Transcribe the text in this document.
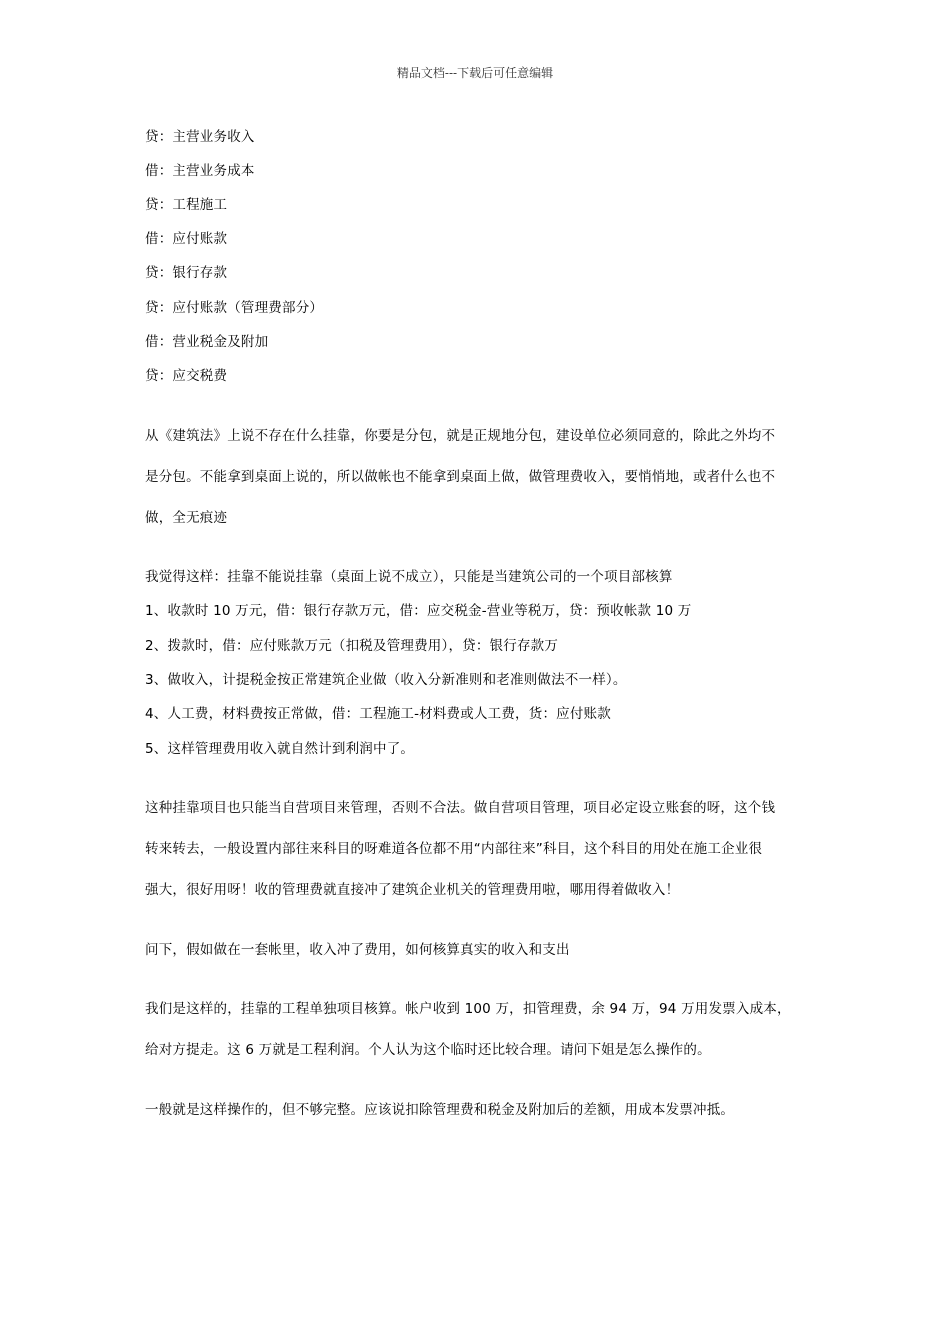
精品文档---下载后可任意编辑
贷：主营业务收入
借：主营业务成本
贷：工程施工
借：应付账款
贷：银行存款
贷：应付账款（管理费部分）
借：营业税金及附加
贷：应交税费
从《建筑法》上说不存在什么挂靠，你要是分包，就是正规地分包，建设单位必须同意的，除此之外均不
是分包。不能拿到桌面上说的，所以做帐也不能拿到桌面上做，做管理费收入，要悄悄地，或者什么也不
做，全无痕迹
我觉得这样：挂靠不能说挂靠（桌面上说不成立），只能是当建筑公司的一个项目部核算
1、收款时 10 万元，借：银行存款万元，借：应交税金-营业等税万，贷：预收帐款 10 万
2、拨款时，借：应付账款万元（扣税及管理费用），贷：银行存款万
3、做收入，计提税金按正常建筑企业做（收入分新准则和老准则做法不一样）。
4、人工费，材料费按正常做，借：工程施工-材料费或人工费，货：应付账款
5、这样管理费用收入就自然计到利润中了。
这种挂靠项目也只能当自营项目来管理，否则不合法。做自营项目管理，项目必定设立账套的呀，这个钱
转来转去，一般设置内部往来科目的呀难道各位都不用“内部往来”科目，这个科目的用处在施工企业很
强大，很好用呀！收的管理费就直接冲了建筑企业机关的管理费用啦，哪用得着做收入！
问下，假如做在一套帐里，收入冲了费用，如何核算真实的收入和支出
我们是这样的，挂靠的工程单独项目核算。帐户收到 100 万，扣管理费，余 94 万，94 万用发票入成本，
给对方提走。这 6 万就是工程利润。个人认为这个临时还比较合理。请问下姐是怎么操作的。
一般就是这样操作的，但不够完整。应该说扣除管理费和税金及附加后的差额，用成本发票冲抵。
